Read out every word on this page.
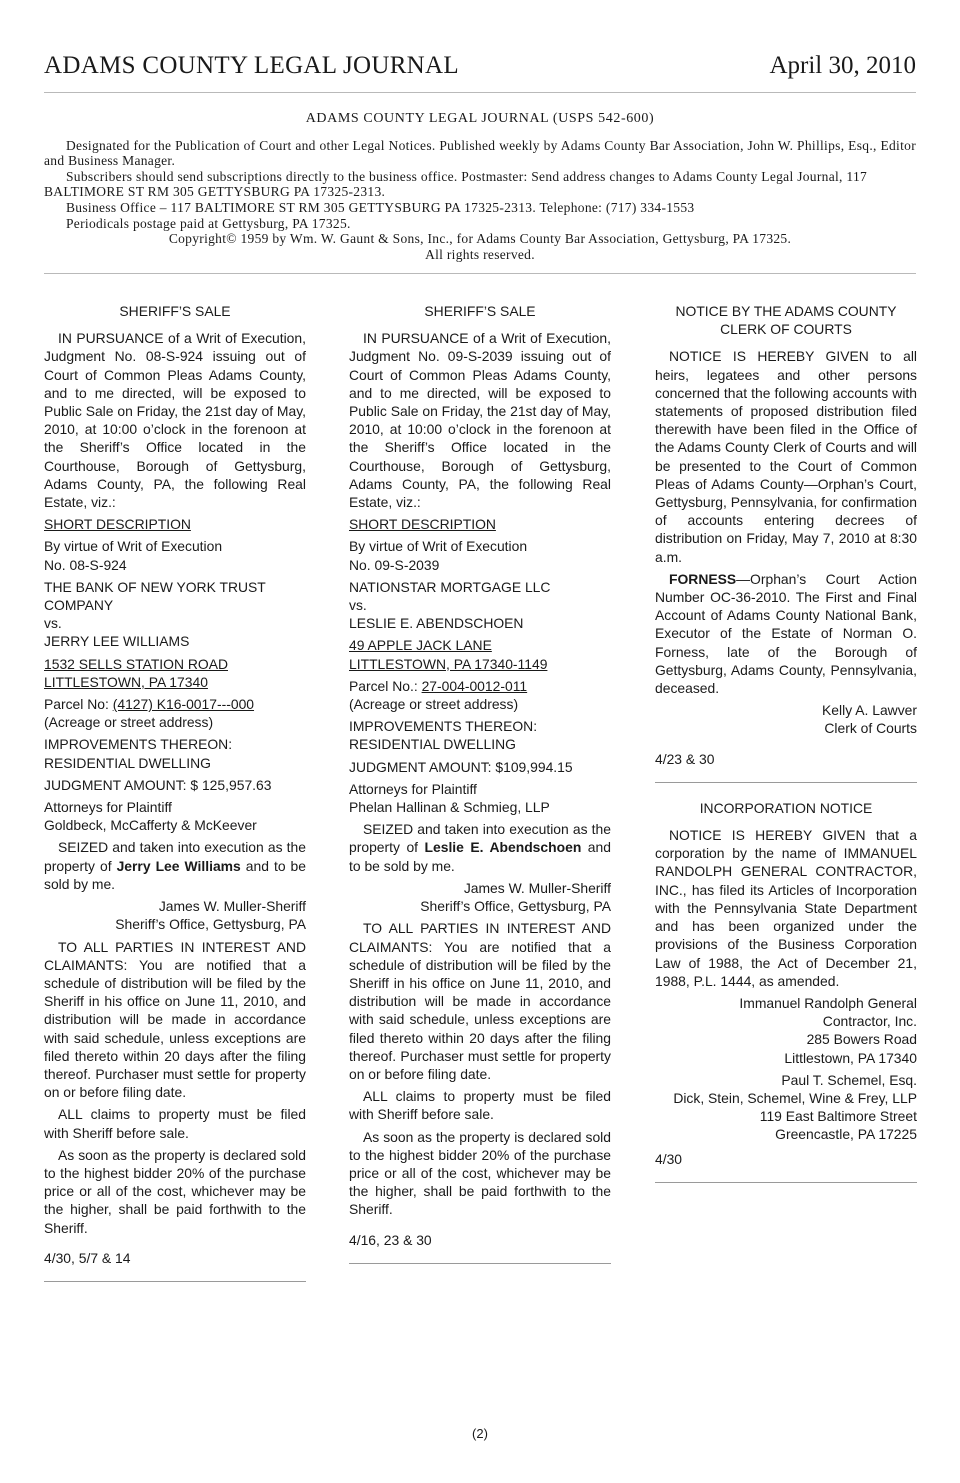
ADAMS COUNTY LEGAL JOURNAL	April 30, 2010

ADAMS COUNTY LEGAL JOURNAL (USPS 542-600)

Designated for the Publication of Court and other Legal Notices. Published weekly by Adams County Bar Association, John W. Phillips, Esq., Editor and Business Manager.

Subscribers should send subscriptions directly to the business office. Postmaster: Send address changes to Adams County Legal Journal, 117 BALTIMORE ST RM 305 GETTYSBURG PA 17325-2313.

Business Office – 117 BALTIMORE ST RM 305 GETTYSBURG PA 17325-2313. Telephone: (717) 334-1553

Periodicals postage paid at Gettysburg, PA 17325.

Copyright© 1959 by Wm. W. Gaunt & Sons, Inc., for Adams County Bar Association, Gettysburg, PA 17325.

All rights reserved.

SHERIFF’S SALE

IN PURSUANCE of a Writ of Execution, Judgment No. 08-S-924 issuing out of Court of Common Pleas Adams County, and to me directed, will be exposed to Public Sale on Friday, the 21st day of May, 2010, at 10:00 o’clock in the forenoon at the Sheriff’s Office located in the Courthouse, Borough of Gettysburg, Adams County, PA, the following Real Estate, viz.:

SHORT DESCRIPTION

By virtue of Writ of Execution
No. 08-S-924

THE BANK OF NEW YORK TRUST COMPANY
vs.
JERRY LEE WILLIAMS

1532 SELLS STATION ROAD
LITTLESTOWN, PA 17340

Parcel No: (4127) K16-0017---000
(Acreage or street address)

IMPROVEMENTS THEREON:
RESIDENTIAL DWELLING

JUDGMENT AMOUNT: $ 125,957.63

Attorneys for Plaintiff
Goldbeck, McCafferty & McKeever

SEIZED and taken into execution as the property of Jerry Lee Williams and to be sold by me.

James W. Muller-Sheriff
Sheriff’s Office, Gettysburg, PA

TO ALL PARTIES IN INTEREST AND CLAIMANTS: You are notified that a schedule of distribution will be filed by the Sheriff in his office on June 11, 2010, and distribution will be made in accordance with said schedule, unless exceptions are filed thereto within 20 days after the filing thereof. Purchaser must settle for property on or before filing date.

ALL claims to property must be filed with Sheriff before sale.

As soon as the property is declared sold to the highest bidder 20% of the purchase price or all of the cost, whichever may be the higher, shall be paid forthwith to the Sheriff.

4/30, 5/7 & 14

SHERIFF’S SALE

IN PURSUANCE of a Writ of Execution, Judgment No. 09-S-2039 issuing out of Court of Common Pleas Adams County, and to me directed, will be exposed to Public Sale on Friday, the 21st day of May, 2010, at 10:00 o’clock in the forenoon at the Sheriff’s Office located in the Courthouse, Borough of Gettysburg, Adams County, PA, the following Real Estate, viz.:

SHORT DESCRIPTION

By virtue of Writ of Execution
No. 09-S-2039

NATIONSTAR MORTGAGE LLC
vs.
LESLIE E. ABENDSCHOEN

49 APPLE JACK LANE
LITTLESTOWN, PA 17340-1149

Parcel No.: 27-004-0012-011
(Acreage or street address)

IMPROVEMENTS THEREON:
RESIDENTIAL DWELLING

JUDGMENT AMOUNT: $109,994.15

Attorneys for Plaintiff
Phelan Hallinan & Schmieg, LLP

SEIZED and taken into execution as the property of Leslie E. Abendschoen and to be sold by me.

James W. Muller-Sheriff
Sheriff’s Office, Gettysburg, PA

TO ALL PARTIES IN INTEREST AND CLAIMANTS: You are notified that a schedule of distribution will be filed by the Sheriff in his office on June 11, 2010, and distribution will be made in accordance with said schedule, unless exceptions are filed thereto within 20 days after the filing thereof. Purchaser must settle for property on or before filing date.

ALL claims to property must be filed with Sheriff before sale.

As soon as the property is declared sold to the highest bidder 20% of the purchase price or all of the cost, whichever may be the higher, shall be paid forthwith to the Sheriff.

4/16, 23 & 30

NOTICE BY THE ADAMS COUNTY CLERK OF COURTS

NOTICE IS HEREBY GIVEN to all heirs, legatees and other persons concerned that the following accounts with statements of proposed distribution filed therewith have been filed in the Office of the Adams County Clerk of Courts and will be presented to the Court of Common Pleas of Adams County—Orphan’s Court, Gettysburg, Pennsylvania, for confirmation of accounts entering decrees of distribution on Friday, May 7, 2010 at 8:30 a.m.

FORNESS—Orphan’s Court Action Number OC-36-2010. The First and Final Account of Adams County National Bank, Executor of the Estate of Norman O. Forness, late of the Borough of Gettysburg, Adams County, Pennsylvania, deceased.

Kelly A. Lawver
Clerk of Courts

4/23 & 30

INCORPORATION NOTICE

NOTICE IS HEREBY GIVEN that a corporation by the name of IMMANUEL RANDOLPH GENERAL CONTRACTOR, INC., has filed its Articles of Incorporation with the Pennsylvania State Department and has been organized under the provisions of the Business Corporation Law of 1988, the Act of December 21, 1988, P.L. 1444, as amended.

Immanuel Randolph General
Contractor, Inc.
285 Bowers Road
Littlestown, PA 17340

Paul T. Schemel, Esq.
Dick, Stein, Schemel, Wine & Frey, LLP
119 East Baltimore Street
Greencastle, PA 17225

4/30

(2)
